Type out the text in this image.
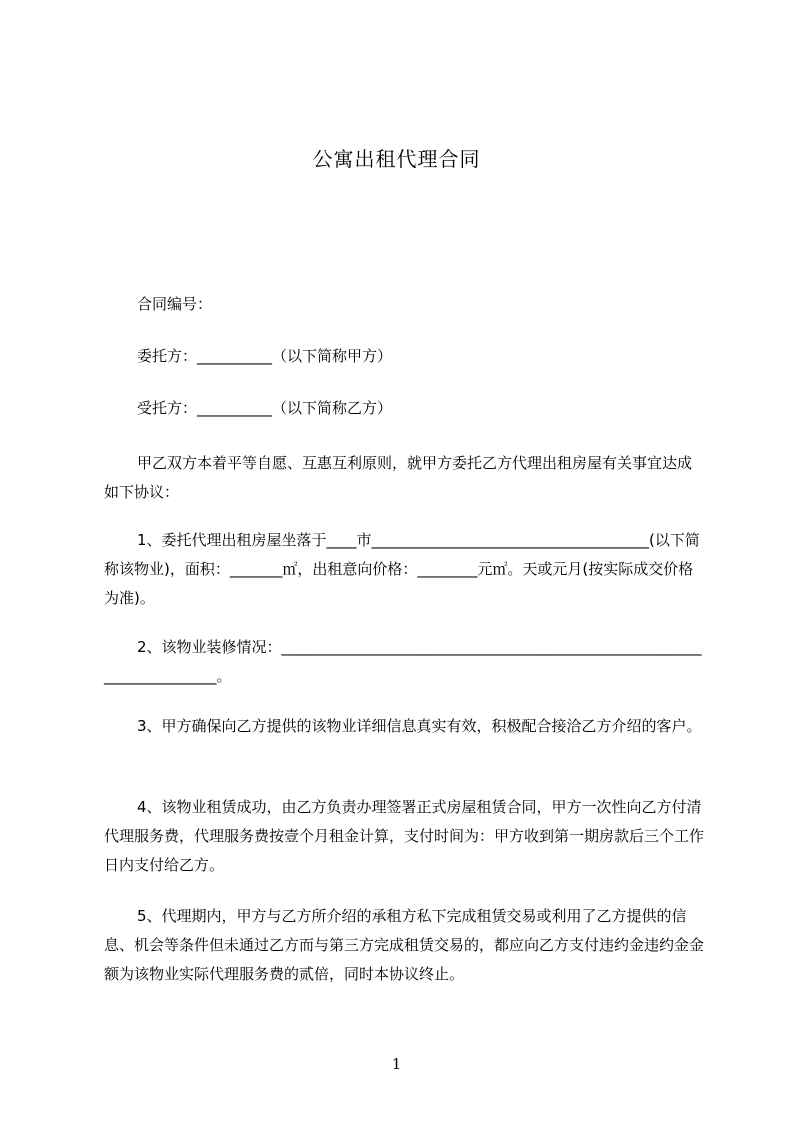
公寓出租代理合同

合同编号：

委托方：__________（以下简称甲方）

受托方：__________（以下简称乙方）

甲乙双方本着平等自愿、互惠互利原则，就甲方委托乙方代理出租房屋有关事宜达成如下协议：

1、委托代理出租房屋坐落于____市_____________________________________(以下简称该物业)，面积：_______㎡，出租意向价格：________元㎡。天或元月(按实际成交价格为准)。

2、该物业装修情况：_______________________________________________________________________。

3、甲方确保向乙方提供的该物业详细信息真实有效，积极配合接洽乙方介绍的客户。

4、该物业租赁成功，由乙方负责办理签署正式房屋租赁合同，甲方一次性向乙方付清代理服务费，代理服务费按壹个月租金计算，支付时间为：甲方收到第一期房款后三个工作日内支付给乙方。

5、代理期内，甲方与乙方所介绍的承租方私下完成租赁交易或利用了乙方提供的信息、机会等条件但未通过乙方而与第三方完成租赁交易的，都应向乙方支付违约金违约金金额为该物业实际代理服务费的贰倍，同时本协议终止。

1
